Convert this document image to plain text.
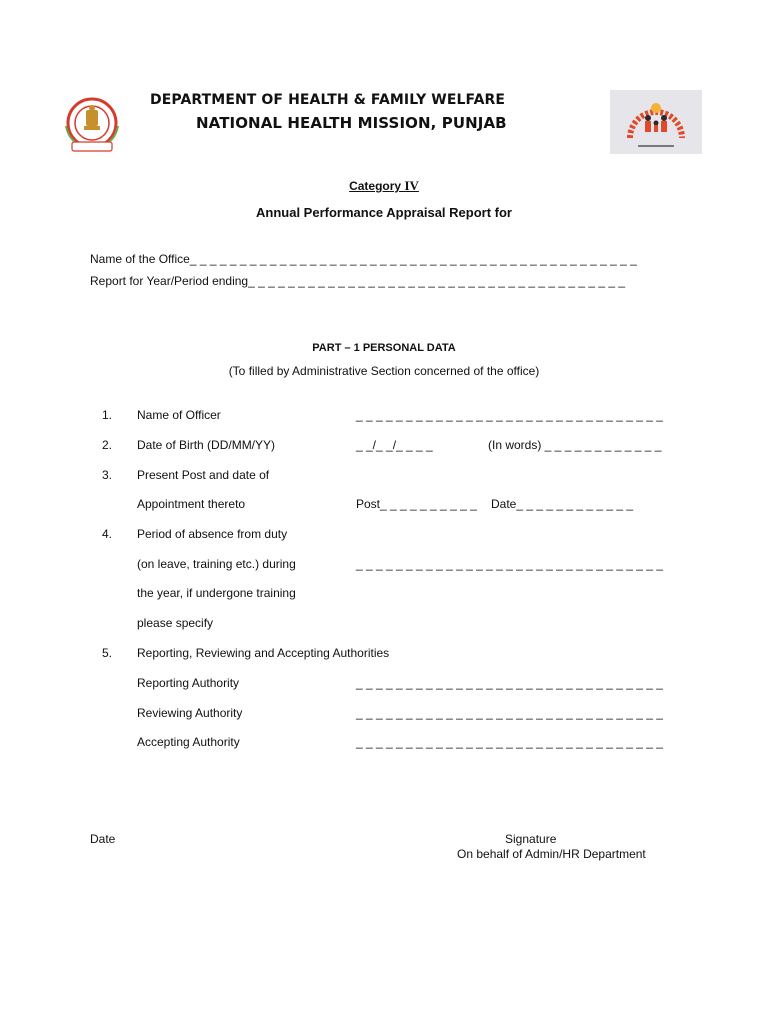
DEPARTMENT OF HEALTH & FAMILY WELFARE
NATIONAL HEALTH MISSION, PUNJAB
Category IV
Annual Performance Appraisal Report for
Name of the Office_ _ _ _ _ _ _ _ _ _ _ _ _ _ _ _ _ _ _ _ _ _ _ _ _ _ _ _ _ _ _ _ _ _ _ _ _ _ _ _ _ _ _ _ _
Report for Year/Period ending_ _ _ _ _ _ _ _ _ _ _ _ _ _ _ _ _ _ _ _ _ _ _ _ _ _ _ _ _ _ _ _ _ _ _ _ _ _
PART – 1 PERSONAL DATA
(To filled by Administrative Section concerned of the office)
1. Name of Officer	_ _ _ _ _ _ _ _ _ _ _ _ _ _ _ _ _ _ _ _ _ _ _ _ _ _ _ _ _ _ _
2. Date of Birth (DD/MM/YY)	_ _/_ _/_ _ _ _	(In words) _ _ _ _ _ _ _ _ _ _ _ _
3. Present Post and date of
Appointment thereto	Post_ _ _ _ _ _ _ _ _ _ Date_ _ _ _ _ _ _ _ _ _ _ _
4. Period of absence from duty
(on leave, training etc.) during	_ _ _ _ _ _ _ _ _ _ _ _ _ _ _ _ _ _ _ _ _ _ _ _ _ _ _ _ _ _ _
the year, if undergone training
please specify
5. Reporting, Reviewing and Accepting Authorities
Reporting Authority	_ _ _ _ _ _ _ _ _ _ _ _ _ _ _ _ _ _ _ _ _ _ _ _ _ _ _ _ _ _ _
Reviewing Authority	_ _ _ _ _ _ _ _ _ _ _ _ _ _ _ _ _ _ _ _ _ _ _ _ _ _ _ _ _ _ _
Accepting Authority	_ _ _ _ _ _ _ _ _ _ _ _ _ _ _ _ _ _ _ _ _ _ _ _ _ _ _ _ _ _ _
Date	Signature
On behalf of Admin/HR Department
